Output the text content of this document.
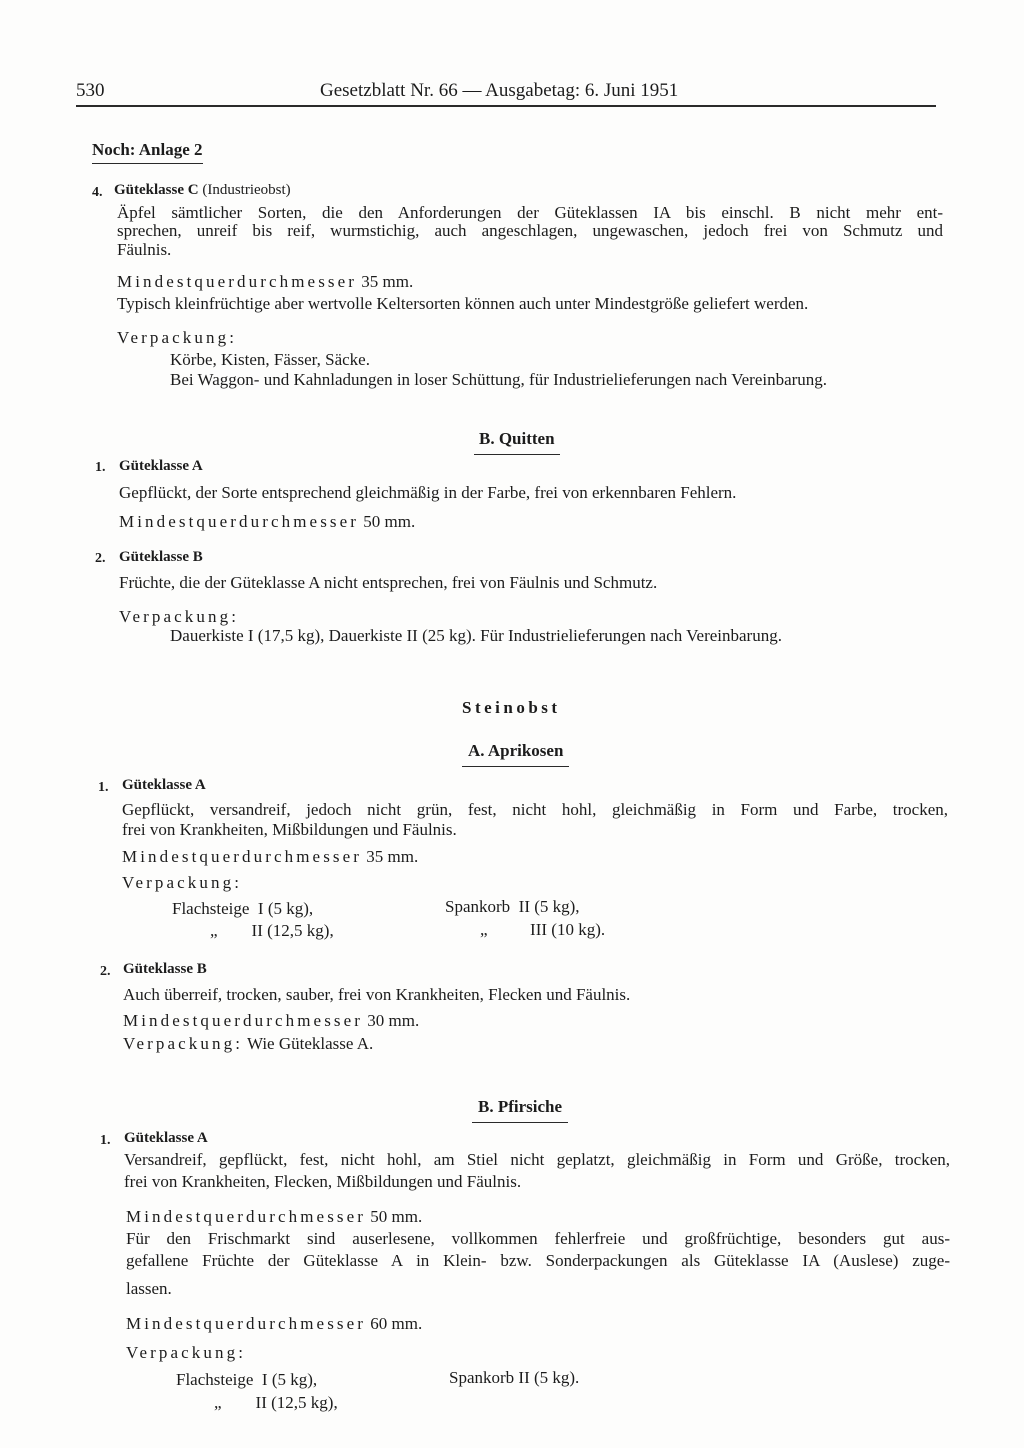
530	Gesetzblatt Nr. 66 — Ausgabetag: 6. Juni 1951
Noch: Anlage 2
4. Güteklasse C (Industrieobst)
Äpfel sämtlicher Sorten, die den Anforderungen der Güteklassen IA bis einschl. B nicht mehr ent-
sprechen, unreif bis reif, wurmstichig, auch angeschlagen, ungewaschen, jedoch frei von Schmutz und
Fäulnis.
Mindestquerdurchmesser 35 mm.
Typisch kleinfrüchtige aber wertvolle Keltersorten können auch unter Mindestgröße geliefert werden.
Verpackung:
Körbe, Kisten, Fässer, Säcke.
Bei Waggon- und Kahnladungen in loser Schüttung, für Industrielieferungen nach Vereinbarung.
B. Quitten
1. Güteklasse A
Gepflückt, der Sorte entsprechend gleichmäßig in der Farbe, frei von erkennbaren Fehlern.
Mindestquerdurchmesser 50 mm.
2. Güteklasse B
Früchte, die der Güteklasse A nicht entsprechen, frei von Fäulnis und Schmutz.
Verpackung:
Dauerkiste I (17,5 kg), Dauerkiste II (25 kg). Für Industrielieferungen nach Vereinbarung.
Steinobst
A. Aprikosen
1. Güteklasse A
Gepflückt, versandreif, jedoch nicht grün, fest, nicht hohl, gleichmäßig in Form und Farbe, trocken,
frei von Krankheiten, Mißbildungen und Fäulnis.
Mindestquerdurchmesser 35 mm.
Verpackung:
Flachsteige  I (5 kg),
„        II (12,5 kg),
Spankorb  II (5 kg),
„          III (10 kg).
2. Güteklasse B
Auch überreif, trocken, sauber, frei von Krankheiten, Flecken und Fäulnis.
Mindestquerdurchmesser 30 mm.
Verpackung: Wie Güteklasse A.
B. Pfirsiche
1. Güteklasse A
Versandreif, gepflückt, fest, nicht hohl, am Stiel nicht geplatzt, gleichmäßig in Form und Größe, trocken,
frei von Krankheiten, Flecken, Mißbildungen und Fäulnis.
Mindestquerdurchmesser 50 mm.
Für den Frischmarkt sind auserlesene, vollkommen fehlerfreie und großfrüchtige, besonders gut aus-
gefallene Früchte der Güteklasse A in Klein- bzw. Sonderpackungen als Güteklasse IA (Auslese) zuge-
lassen.
Mindestquerdurchmesser 60 mm.
Verpackung:
Flachsteige  I (5 kg),
„        II (12,5 kg),
Spankorb II (5 kg).
